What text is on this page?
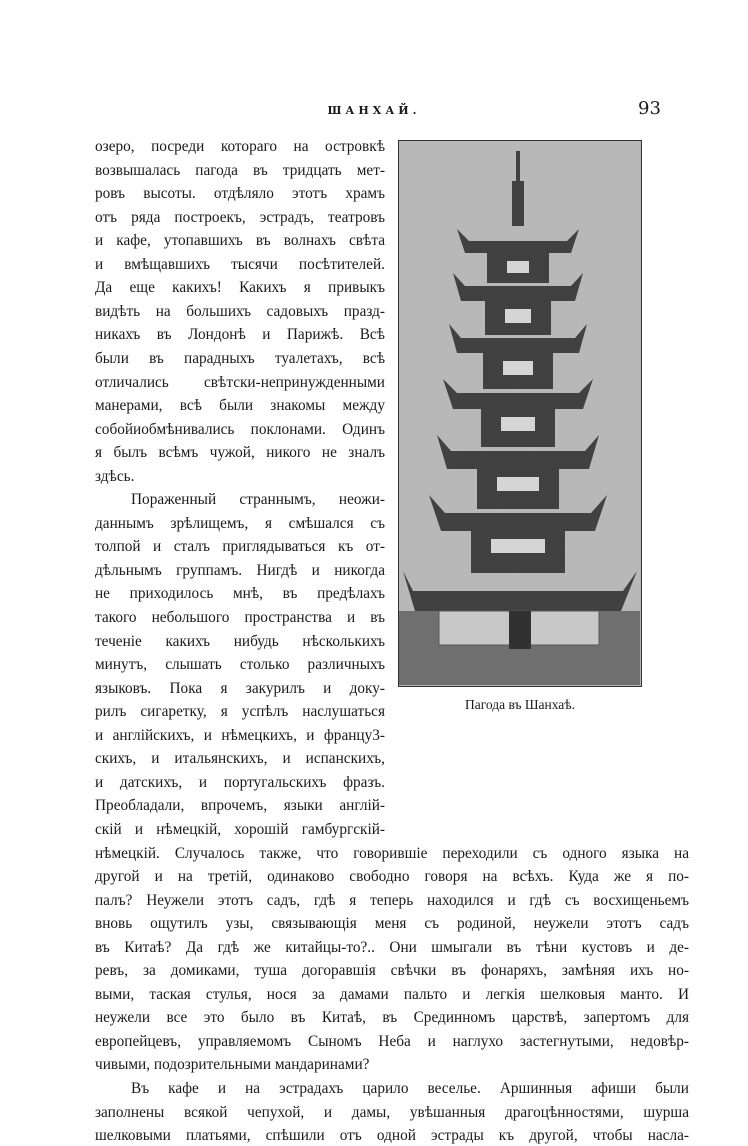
ШАНХАЙ.	93
озеро, посреди котораго на островкѣ
возвышалась пагода въ тридцать мет-
ровъ высоты. отдѣляло этотъ храмъ
отъ ряда построекъ, эстрадъ, театровъ
и кафе, утопавшихъ въ волнахъ свѣта
и вмѣщавшихъ тысячи посѣтителей.
Да еще какихъ! Какихъ я привыкъ
видѣть на большихъ садовыхъ празд-
никахъ въ Лондонѣ и Парижѣ. Всѣ
были въ парадныхъ туалетахъ, всѣ
отличались свѣтски-непринужденными
манерами, всѣ были знакомы между
собойиобмѣнивались поклонами. Одинъ
я былъ всѣмъ чужой, никого не зналъ
здѣсь.
Пораженный страннымъ, неожи-
даннымъ зрѣлищемъ, я смѣшался съ
толпой и сталъ приглядываться къ от-
дѣльнымъ группамъ. Нигдѣ и никогда
не приходилось мнѣ, въ предѣлахъ
такого небольшого пространства и въ
теченіе какихъ нибудь нѣсколькихъ
минутъ, слышать столько различныхъ
языковъ. Пока я закурилъ и доку-
рилъ сигаретку, я успѣлъ наслушаться
и англійскихъ, и нѣмецкихъ, и францу3-
скихъ, и итальянскихъ, и испанскихъ,
и датскихъ, и португальскихъ фразъ.
Преобладали, впрочемъ, языки англій-
скій и нѣмецкій, хорошій гамбургскій-
нѣмецкій. Случалось также, что говорившіе переходили съ одного языка на
другой и на третій, одинаково свободно говоря на всѣхъ. Куда же я по-
палъ? Неужели этотъ садъ, гдѣ я теперь находился и гдѣ съ восхищеньемъ
вновь ощутилъ узы, связывающія меня съ родиной, неужели этотъ садъ
въ Китаѣ? Да гдѣ же китайцы-то?.. Они шмыгали въ тѣни кустовъ и де-
ревъ, за домиками, туша догоравшія свѣчки въ фонаряхъ, замѣняя ихъ но-
выми, таская стулья, нося за дамами пальто и легкія шелковыя манто. И
неужели все это было въ Китаѣ, въ Срединномъ царствѣ, запертомъ для
европейцевъ, управляемомъ Сыномъ Неба и наглухо застегнутыми, недовѣр-
чивыми, подозрительными мандаринами?
Въ кафе и на эстрадахъ царило веселье. Аршинныя афиши были
заполнены всякой чепухой, и дамы, увѣшанныя драгоцѣнностями, шурша
шелковыми платьями, спѣшили отъ одной эстрады къ другой, чтобы насла-
Пагода въ Шанхаѣ.
